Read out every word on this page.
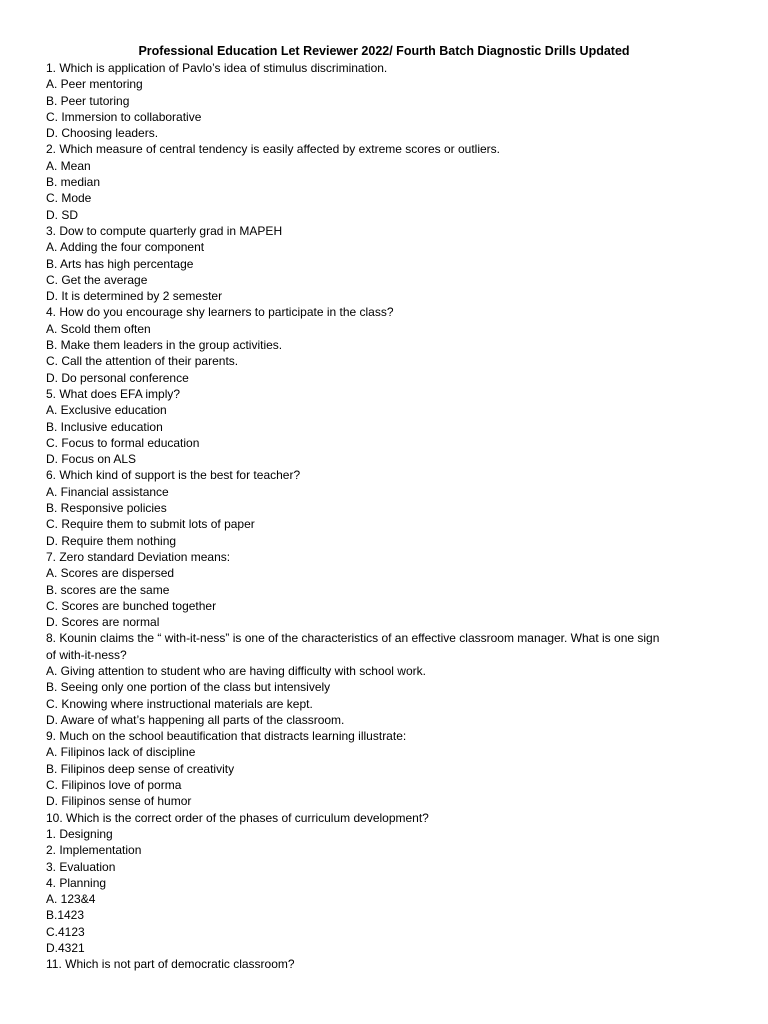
Professional Education Let Reviewer 2022/ Fourth Batch Diagnostic Drills Updated
1. Which is application of Pavlo’s idea of stimulus discrimination.
A. Peer mentoring
B. Peer tutoring
C. Immersion to collaborative
D. Choosing leaders.
2. Which measure of central tendency is easily affected by extreme scores or outliers.
A. Mean
B. median
C. Mode
D. SD
3. Dow to compute quarterly grad in MAPEH
A. Adding the four component
B. Arts has high percentage
C. Get the average
D. It is determined by 2 semester
4. How do you encourage shy learners to participate in the class?
A. Scold them often
B. Make them leaders in the group activities.
C. Call the attention of their parents.
D. Do personal conference
5. What does EFA imply?
A. Exclusive education
B. Inclusive education
C. Focus to formal education
D. Focus on ALS
6. Which kind of support is the best for teacher?
A. Financial assistance
B. Responsive policies
C. Require them to submit lots of paper
D. Require them nothing
7. Zero standard Deviation means:
A. Scores are dispersed
B. scores are the same
C. Scores are bunched together
D. Scores are normal
8. Kounin claims the “ with-it-ness” is one of the characteristics of an effective classroom manager. What is one sign
of with-it-ness?
A. Giving attention to student who are having difficulty with school work.
B. Seeing only one portion of the class but intensively
C. Knowing where instructional materials are kept.
D. Aware of what’s happening all parts of the classroom.
9. Much on the school beautification that distracts learning illustrate:
A. Filipinos lack of discipline
B. Filipinos deep sense of creativity
C. Filipinos love of porma
D. Filipinos sense of humor
10. Which is the correct order of the phases of curriculum development?
1. Designing
2. Implementation
3. Evaluation
4. Planning
A. 123&4
B.1423
C.4123
D.4321
11. Which is not part of democratic classroom?
